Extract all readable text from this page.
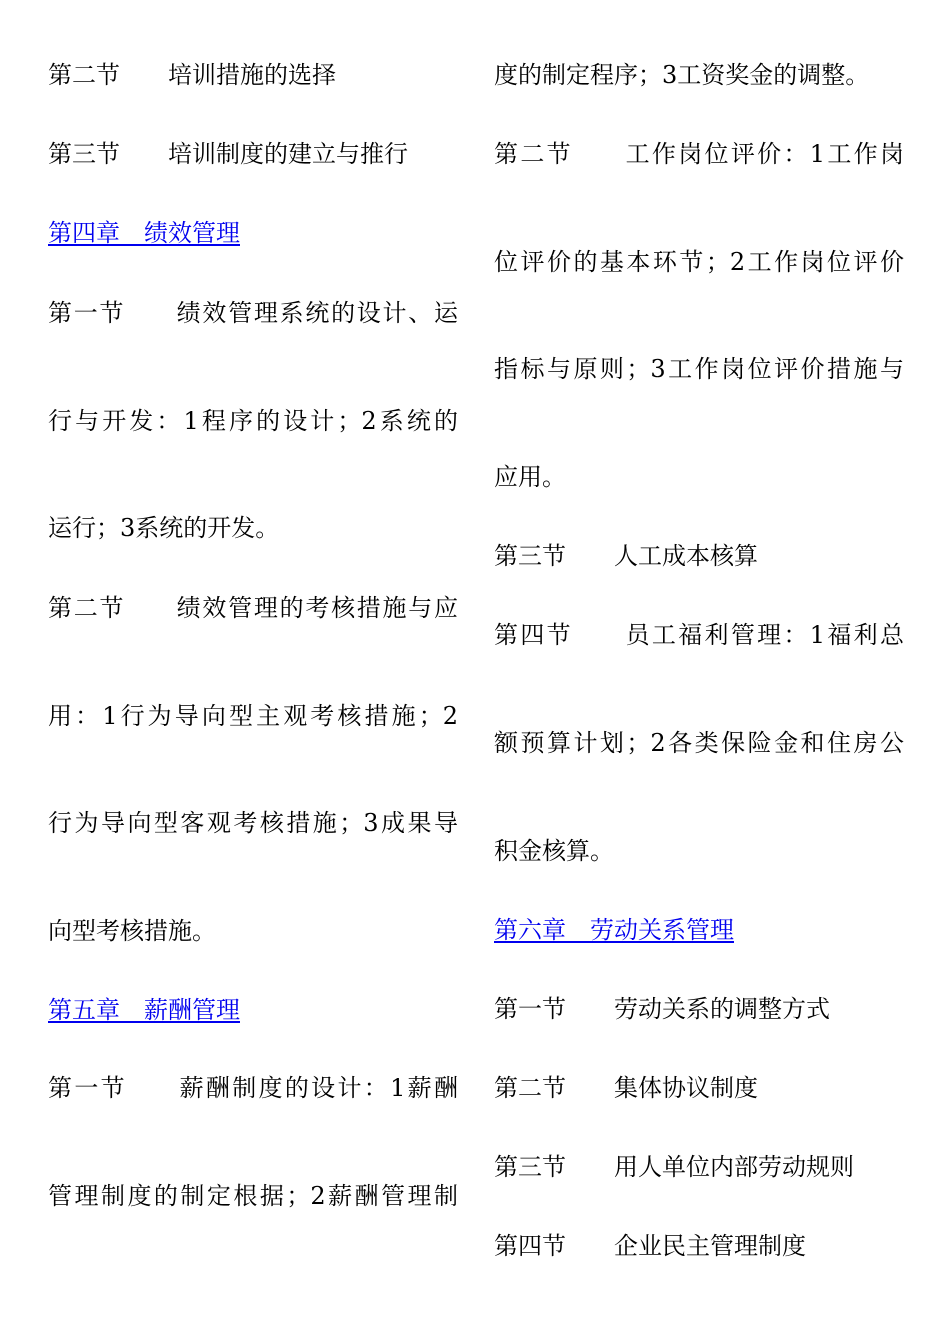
第二节　　培训措施的选择
第三节　　培训制度的建立与推行
第四章　绩效管理
第一节　　绩效管理系统的设计、运
行与开发：1程序的设计；2系统的
运行；3系统的开发。
第二节　　绩效管理的考核措施与应
用：1行为导向型主观考核措施；2
行为导向型客观考核措施；3成果导
向型考核措施。
第五章　薪酬管理
第一节　　薪酬制度的设计：1薪酬
管理制度的制定根据；2薪酬管理制
度的制定程序；3工资奖金的调整。
第二节　　工作岗位评价：1工作岗
位评价的基本环节；2工作岗位评价
指标与原则；3工作岗位评价措施与
应用。
第三节　　人工成本核算
第四节　　员工福利管理：1福利总
额预算计划；2各类保险金和住房公
积金核算。
第六章　劳动关系管理
第一节　　劳动关系的调整方式
第二节　　集体协议制度
第三节　　用人单位内部劳动规则
第四节　　企业民主管理制度
